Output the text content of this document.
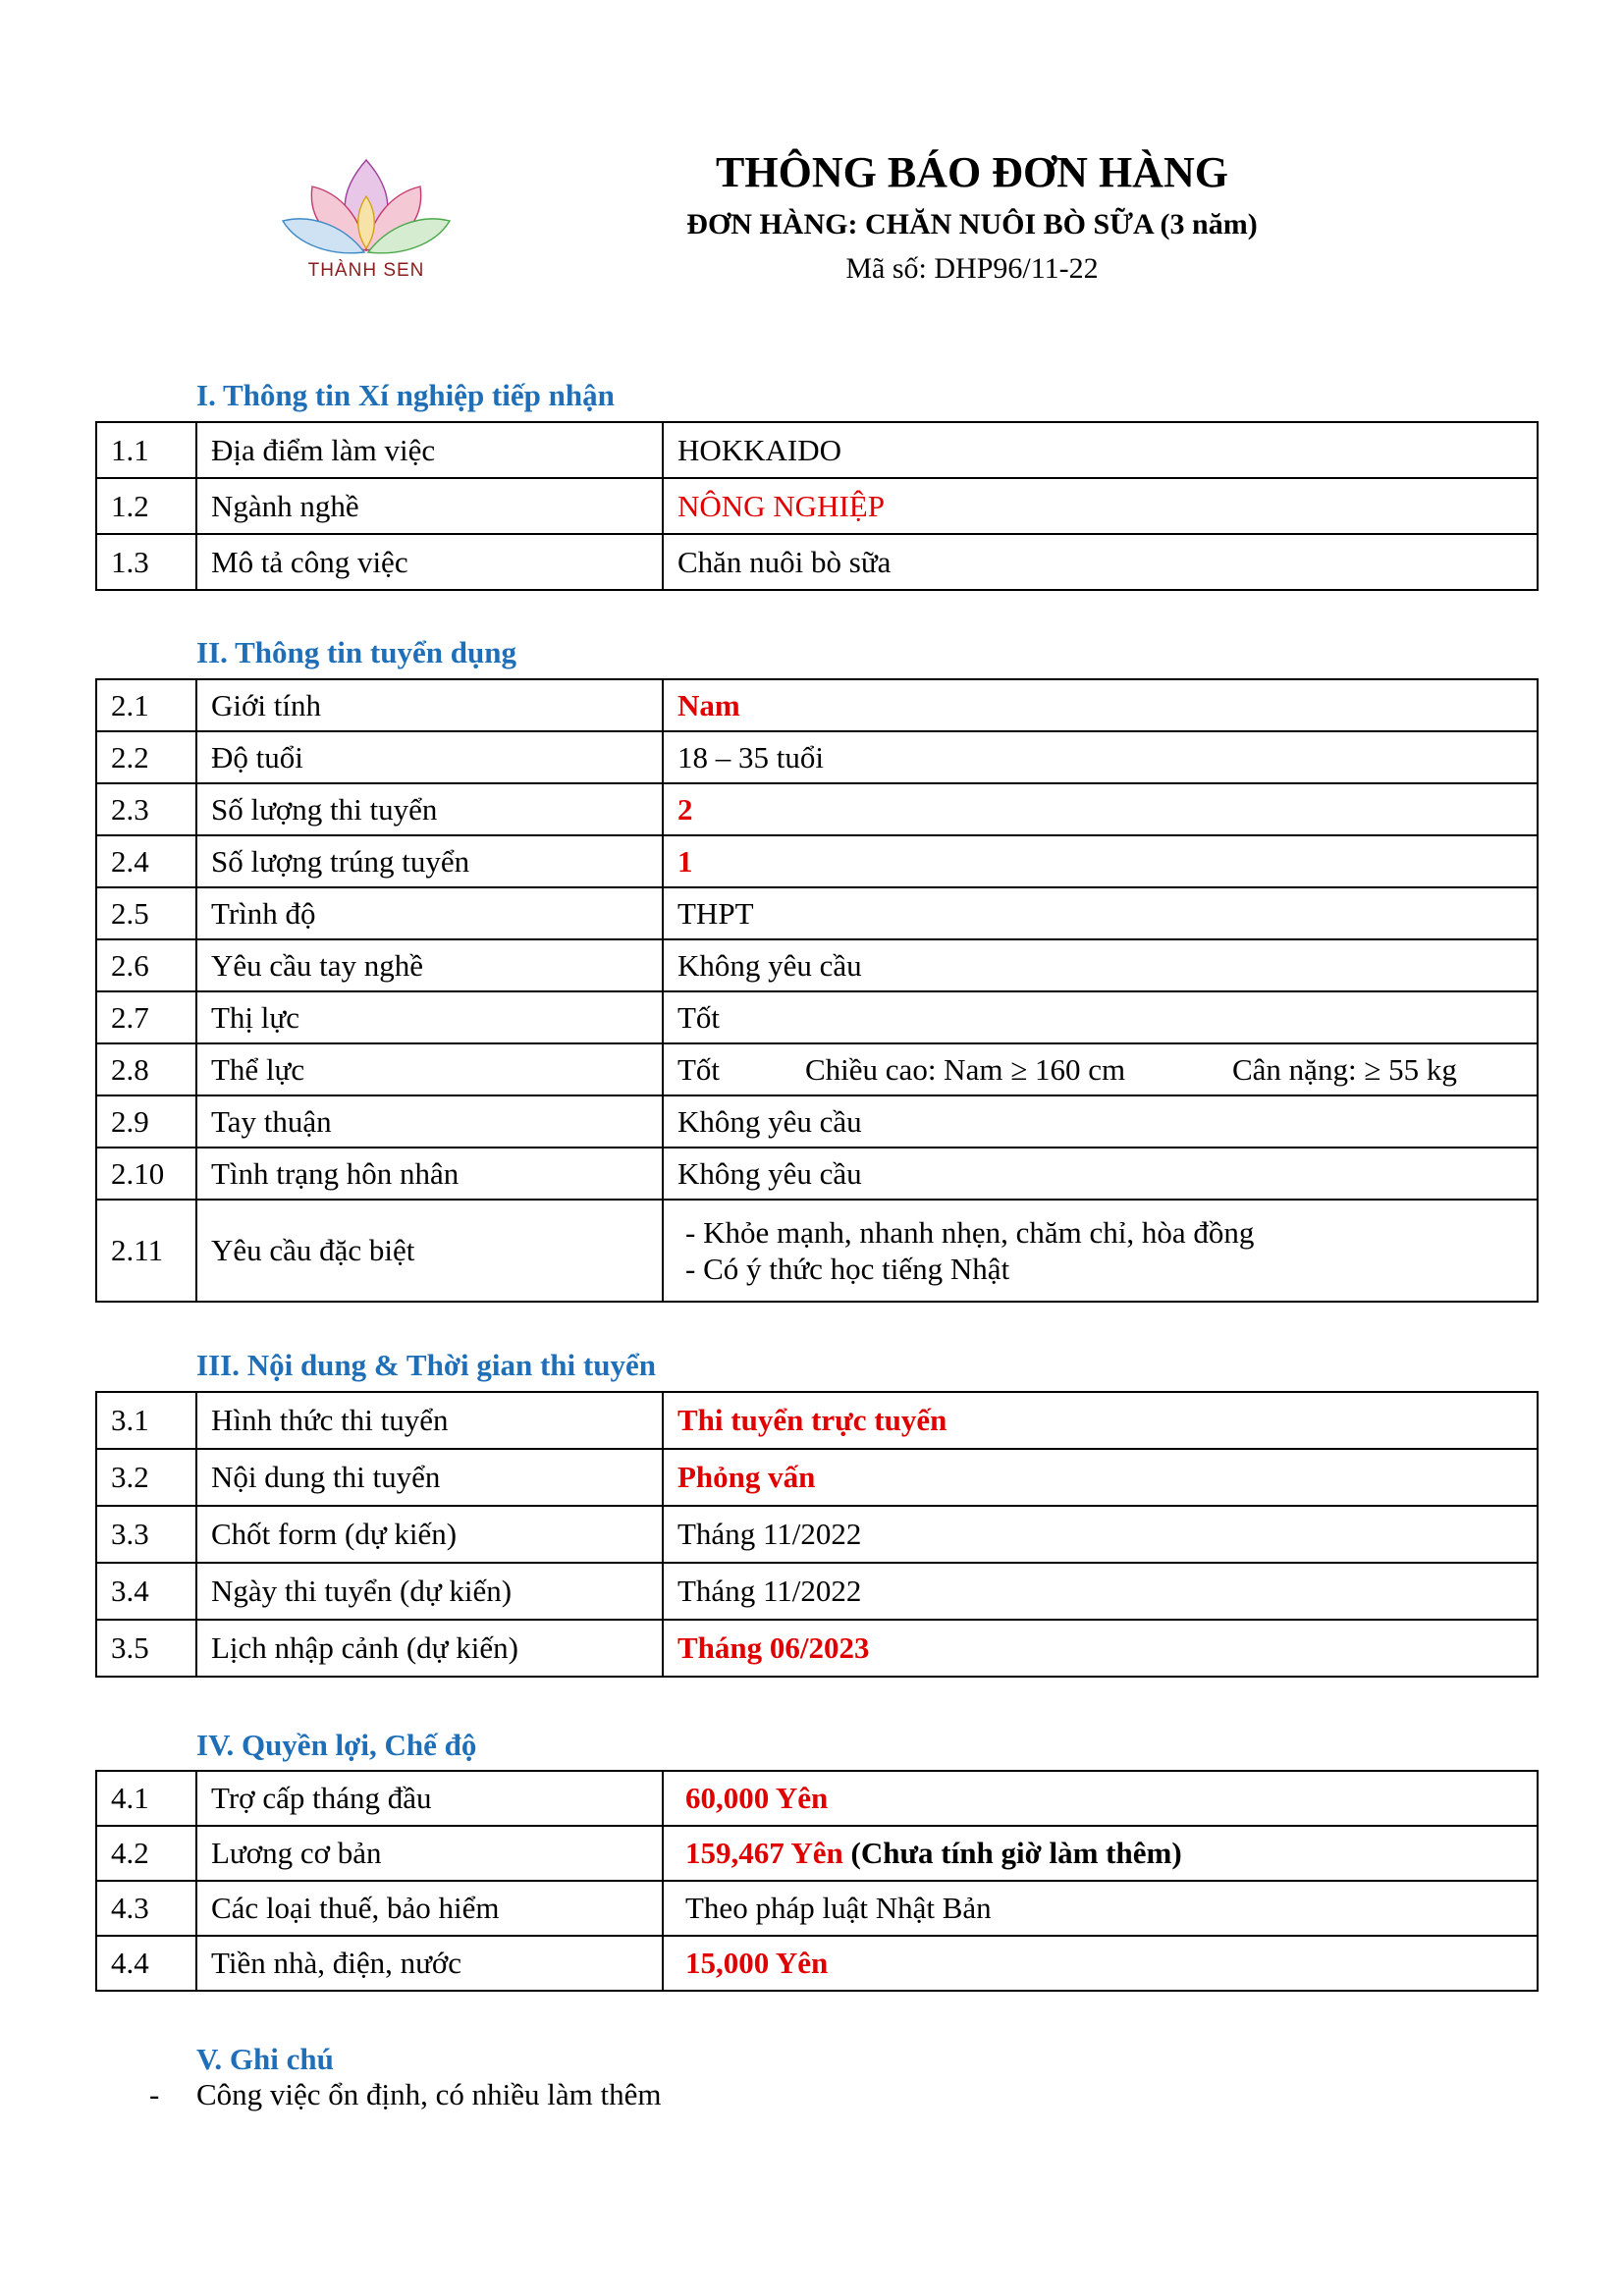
THÀNH SEN
THÔNG BÁO ĐƠN HÀNG
ĐƠN HÀNG: CHĂN NUÔI BÒ SỮA (3 năm)
Mã số: DHP96/11-22
I. Thông tin Xí nghiệp tiếp nhận
1.1	Địa điểm làm việc	HOKKAIDO
1.2	Ngành nghề	NÔNG NGHIỆP
1.3	Mô tả công việc	Chăn nuôi bò sữa
II. Thông tin tuyển dụng
2.1	Giới tính	Nam
2.2	Độ tuổi	18 – 35 tuổi
2.3	Số lượng thi tuyển	2
2.4	Số lượng trúng tuyển	1
2.5	Trình độ	THPT
2.6	Yêu cầu tay nghề	Không yêu cầu
2.7	Thị lực	Tốt
2.8	Thể lực	Tốt Chiều cao: Nam ≥ 160 cm Cân nặng: ≥ 55 kg
2.9	Tay thuận	Không yêu cầu
2.10	Tình trạng hôn nhân	Không yêu cầu
2.11	Yêu cầu đặc biệt	- Khỏe mạnh, nhanh nhẹn, chăm chỉ, hòa đồng
- Có ý thức học tiếng Nhật
III. Nội dung & Thời gian thi tuyển
3.1	Hình thức thi tuyển	Thi tuyển trực tuyến
3.2	Nội dung thi tuyển	Phỏng vấn
3.3	Chốt form (dự kiến)	Tháng 11/2022
3.4	Ngày thi tuyển (dự kiến)	Tháng 11/2022
3.5	Lịch nhập cảnh (dự kiến)	Tháng 06/2023
IV. Quyền lợi, Chế độ
4.1	Trợ cấp tháng đầu	60,000 Yên
4.2	Lương cơ bản	159,467 Yên (Chưa tính giờ làm thêm)
4.3	Các loại thuế, bảo hiểm	Theo pháp luật Nhật Bản
4.4	Tiền nhà, điện, nước	15,000 Yên
V. Ghi chú
- Công việc ổn định, có nhiều làm thêm
